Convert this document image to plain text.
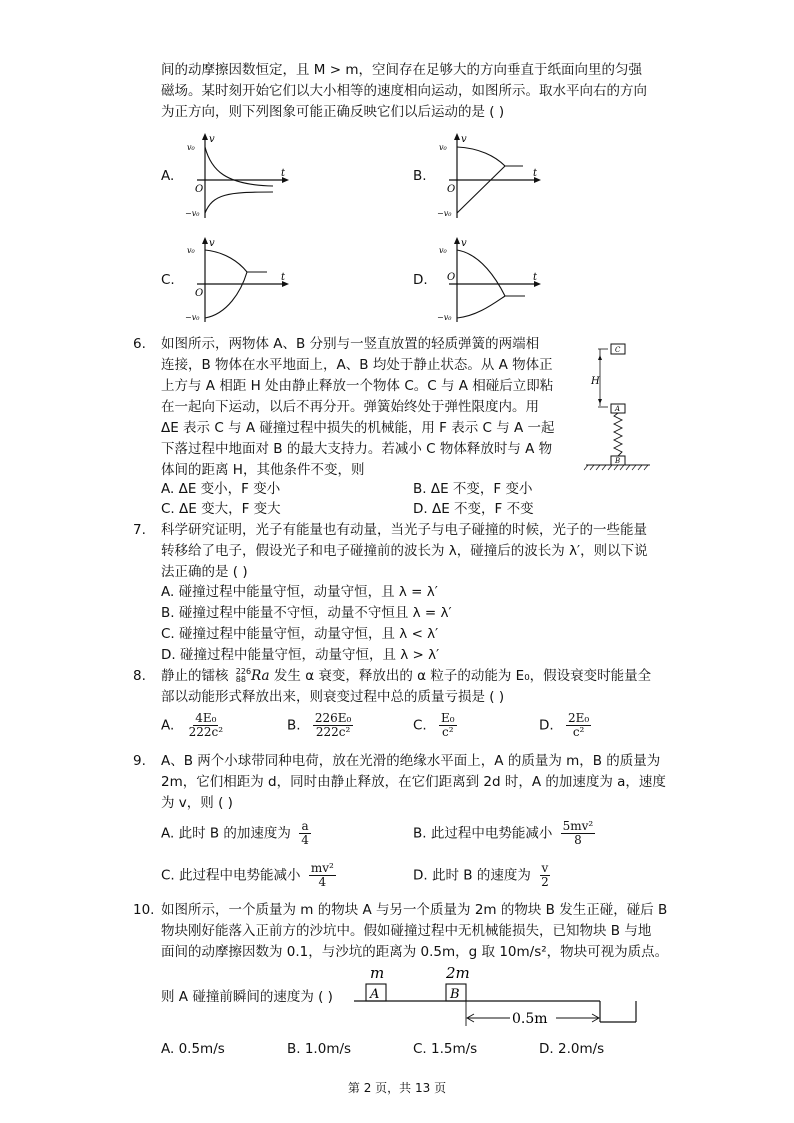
间的动摩擦因数恒定，且 M > m，空间存在足够大的方向垂直于纸面向里的匀强
磁场。某时刻开始它们以大小相等的速度相向运动，如图所示。取水平向右的方向
为正方向，则下列图象可能正确反映它们以后运动的是 ( )
A.	B.
C.	D.
v
t
O
v₀
−v₀
v
t
O
v₀
−v₀
v
t
O
v₀
−v₀
v
t
O
v₀
−v₀
6. 如图所示，两物体 A、B 分别与一竖直放置的轻质弹簧的两端相
连接，B 物体在水平地面上，A、B 均处于静止状态。从 A 物体正
上方与 A 相距 H 处由静止释放一个物体 C。C 与 A 相碰后立即粘
在一起向下运动，以后不再分开。弹簧始终处于弹性限度内。用
ΔE 表示 C 与 A 碰撞过程中损失的机械能，用 F 表示 C 与 A 一起
下落过程中地面对 B 的最大支持力。若减小 C 物体释放时与 A 物
体间的距离 H，其他条件不变，则
A. ΔE 变小，F 变小	B. ΔE 不变，F 变小
C. ΔE 变大，F 变大	D. ΔE 不变，F 不变
C
H
A
B
7. 科学研究证明，光子有能量也有动量，当光子与电子碰撞的时候，光子的一些能量
转移给了电子，假设光子和电子碰撞前的波长为 λ，碰撞后的波长为 λ′，则以下说
法正确的是 ( )
A. 碰撞过程中能量守恒，动量守恒，且 λ = λ′
B. 碰撞过程中能量不守恒，动量不守恒且 λ = λ′
C. 碰撞过程中能量守恒，动量守恒，且 λ < λ′
D. 碰撞过程中能量守恒，动量守恒，且 λ > λ′
8. 静止的镭核 226
88 Ra 发生 α 衰变，释放出的 α 粒子的动能为 E₀，假设衰变时能量全
部以动能形式释放出来，则衰变过程中总的质量亏损是 ( )
A. $\frac{\text{4E₀}}{\text{222c²}}$	B. $\frac{\text{226E₀}}{\text{222c²}}$	C. $\frac{\text{E₀}}{\text{c²}}$	D. $\frac{\text{2E₀}}{\text{c²}}$
9. A、B 两个小球带同种电荷，放在光滑的绝缘水平面上，A 的质量为 m，B 的质量为
2m，它们相距为 d，同时由静止释放，在它们距离到 2d 时，A 的加速度为 a，速度
为 v，则 ( )
A. 此时 B 的加速度为 $\frac{a}{4}$	B. 此过程中电势能减小 $\frac{\text{5mv²}}{8}$
C. 此过程中电势能减小 $\frac{\text{mv²}}{4}$	D. 此时 B 的速度为 $\frac{v}{2}$
10. 如图所示，一个质量为 m 的物块 A 与另一个质量为 2m 的物块 B 发生正碰，碰后 B
物块刚好能落入正前方的沙坑中。假如碰撞过程中无机械能损失，已知物块 B 与地
面间的动摩擦因数为 0.1，与沙坑的距离为 0.5m，g 取 10m/s²，物块可视为质点。
则 A 碰撞前瞬间的速度为 ( )
m	2m
A	B
0.5m
A. 0.5m/s	B. 1.0m/s	C. 1.5m/s	D. 2.0m/s
第 2 页，共 13 页
